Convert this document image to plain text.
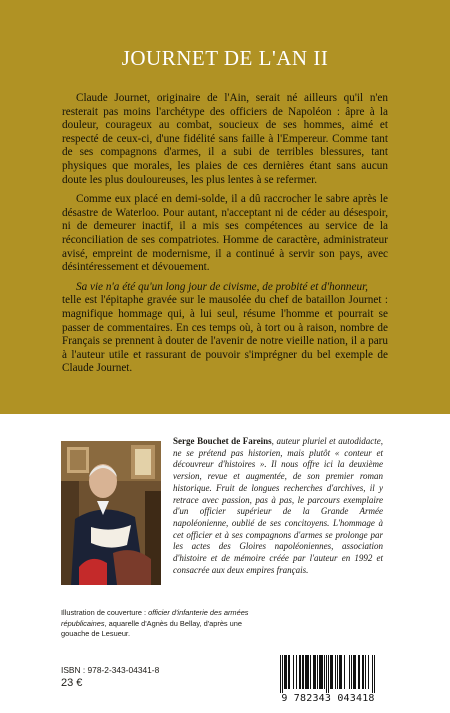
JOURNET DE L'AN II

Claude Journet, originaire de l'Ain, serait né ailleurs qu'il n'en resterait pas moins l'archétype des officiers de Napoléon : âpre à la douleur, courageux au combat, soucieux de ses hommes, aimé et respecté de ceux-ci, d'une fidélité sans faille à l'Empereur. Comme tant de ses compagnons d'armes, il a subi de terribles blessures, tant physiques que morales, les plaies de ces dernières étant sans aucun doute les plus douloureuses, les plus lentes à se refermer.

Comme eux placé en demi-solde, il a dû raccrocher le sabre après le désastre de Waterloo. Pour autant, n'acceptant ni de céder au désespoir, ni de demeurer inactif, il a mis ses compétences au service de la réconciliation de ses compatriotes. Homme de caractère, administrateur avisé, empreint de modernisme, il a continué à servir son pays, avec désintéressement et dévouement.

Sa vie n'a été qu'un long jour de civisme, de probité et d'honneur,
telle est l'épitaphe gravée sur le mausolée du chef de bataillon Journet : magnifique hommage qui, à lui seul, résume l'homme et pourrait se passer de commentaires. En ces temps où, à tort ou à raison, nombre de Français se prennent à douter de l'avenir de notre vieille nation, il a paru à l'auteur utile et rassurant de pouvoir s'imprégner du bel exemple de Claude Journet.

Serge Bouchet de Fareins, auteur pluriel et autodidacte, ne se prétend pas historien, mais plutôt « conteur et découvreur d'histoires ». Il nous offre ici la deuxième version, revue et augmentée, de son premier roman historique. Fruit de longues recherches d'archives, il y retrace avec passion, pas à pas, le parcours exemplaire d'un officier supérieur de la Grande Armée napoléonienne, oublié de ses concitoyens. L'hommage à cet officier et à ses compagnons d'armes se prolonge par les actes des Gloires napoléoniennes, association d'histoire et de mémoire créée par l'auteur en 1992 et consacrée aux deux empires français.
Illustration de couverture : officier d'infanterie des armées républicaines, aquarelle d'Agnès du Bellay, d'après une gouache de Lesueur.
ISBN : 978-2-343-04341-8
23 €
9 782343 043418
